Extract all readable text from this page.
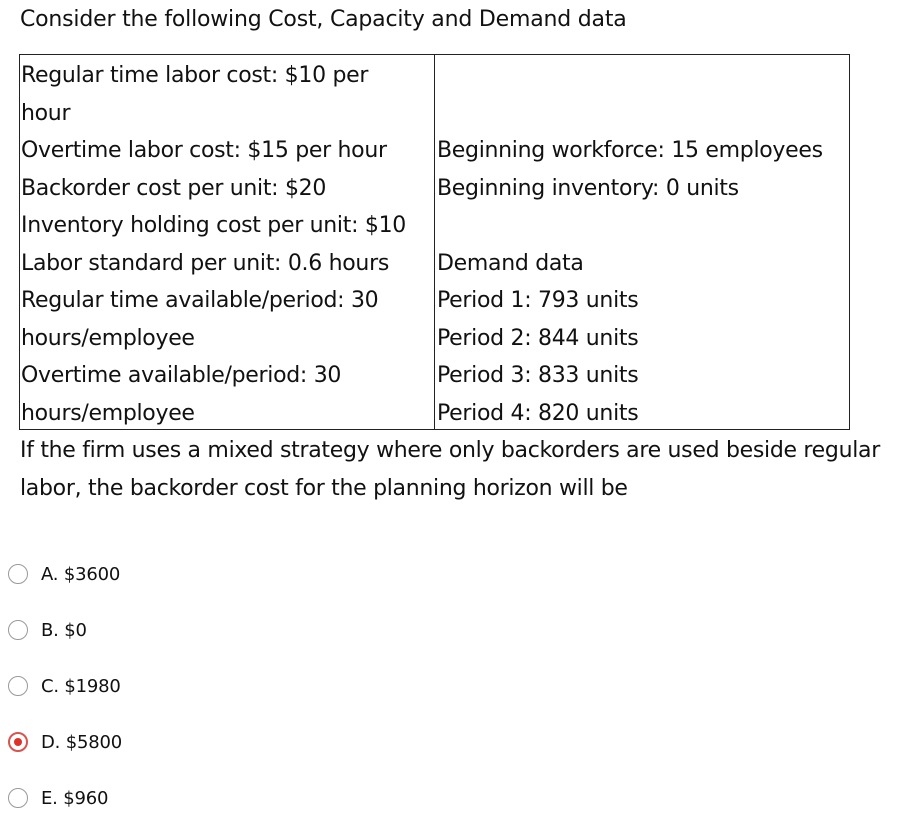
Consider the following Cost, Capacity and Demand data
Regular time labor cost: $10 per
hour
Overtime labor cost: $15 per hour
Backorder cost per unit: $20
Inventory holding cost per unit: $10
Labor standard per unit: 0.6 hours
Regular time available/period: 30
hours/employee
Overtime available/period: 30
hours/employee
Beginning workforce: 15 employees
Beginning inventory: 0 units
Demand data
Period 1: 793 units
Period 2: 844 units
Period 3: 833 units
Period 4: 820 units
If the firm uses a mixed strategy where only backorders are used beside regular labor, the backorder cost for the planning horizon will be
A. $3600
B. $0
C. $1980
D. $5800
E. $960
